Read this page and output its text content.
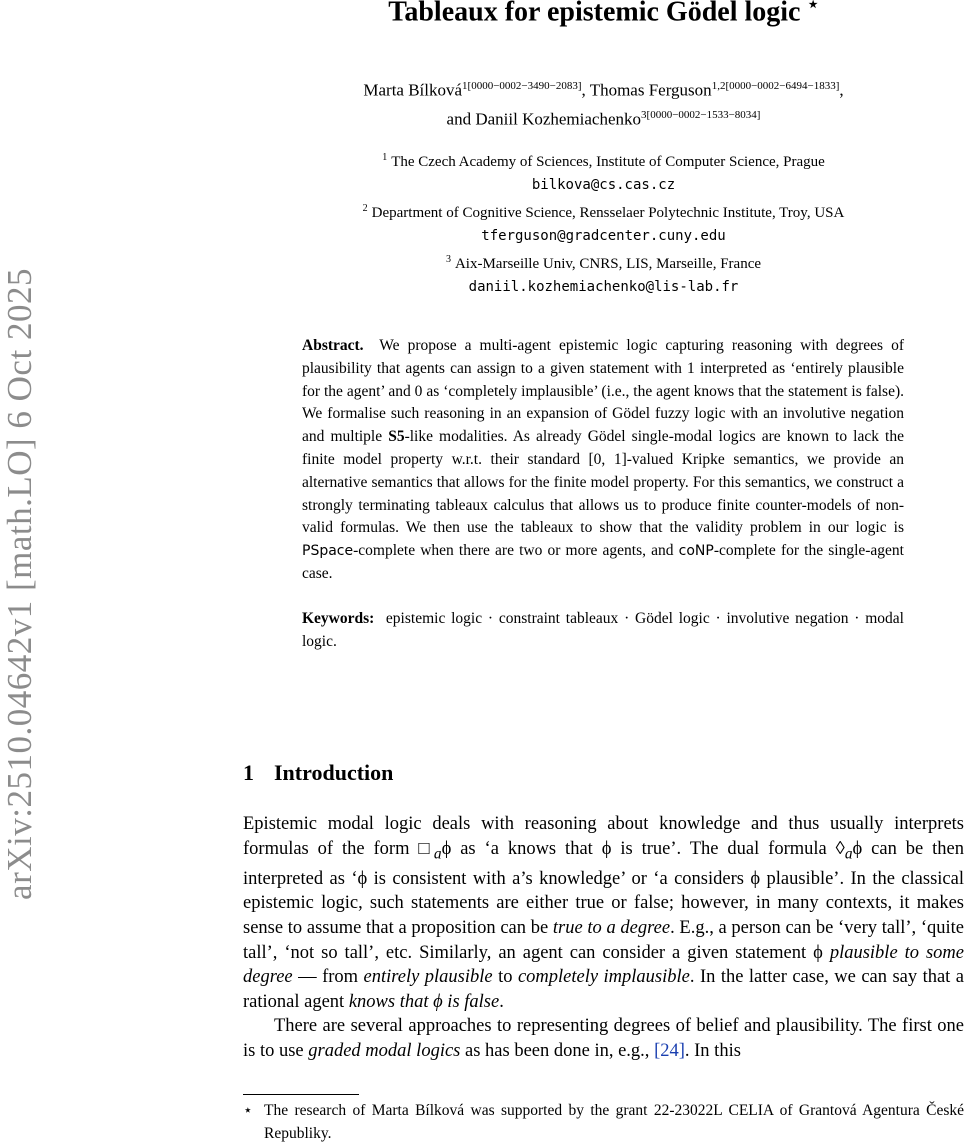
arXiv:2510.04642v1 [math.LO] 6 Oct 2025
Tableaux for epistemic Gödel logic ⋆
Marta Bílková$^{1[0000-0002-3490-2083]}$, Thomas Ferguson$^{1,2[0000-0002-6494-1833]}$,
and Daniil Kozhemiachenko$^{3[0000-0002-1533-8034]}$
$^1$ The Czech Academy of Sciences, Institute of Computer Science, Prague
bilkova@cs.cas.cz
$^2$ Department of Cognitive Science, Rensselaer Polytechnic Institute, Troy, USA
tferguson@gradcenter.cuny.edu
$^3$ Aix-Marseille Univ, CNRS, LIS, Marseille, France
daniil.kozhemiachenko@lis-lab.fr
Abstract. We propose a multi-agent epistemic logic capturing reasoning with degrees of plausibility that agents can assign to a given statement with 1 interpreted as ‘entirely plausible for the agent’ and 0 as ‘completely implausible’ (i.e., the agent knows that the statement is false). We formalise such reasoning in an expansion of Gödel fuzzy logic with an involutive negation and multiple S5-like modalities. As already Gödel single-modal logics are known to lack the finite model property w.r.t. their standard [0, 1]-valued Kripke semantics, we provide an alternative semantics that allows for the finite model property. For this semantics, we construct a strongly terminating tableaux calculus that allows us to produce finite counter-models of non-valid formulas. We then use the tableaux to show that the validity problem in our logic is PSpace-complete when there are two or more agents, and coNP-complete for the single-agent case.
Keywords: epistemic logic · constraint tableaux · Gödel logic · involutive negation · modal logic.
1 Introduction

Epistemic modal logic deals with reasoning about knowledge and thus usually interprets formulas of the form $□_a\phi$ as ‘a knows that ϕ is true’. The dual formula $◊_a\phi$ can be then interpreted as ‘ϕ is consistent with a’s knowledge’ or ‘a considers ϕ plausible’. In the classical epistemic logic, such statements are either true or false; however, in many contexts, it makes sense to assume that a proposition can be true to a degree. E.g., a person can be ‘very tall’, ‘quite tall’, ‘not so tall’, etc. Similarly, an agent can consider a given statement ϕ plausible to some degree — from entirely plausible to completely implausible. In the latter case, we can say that a rational agent knows that ϕ is false.

There are several approaches to representing degrees of belief and plausibility. The first one is to use graded modal logics as has been done in, e.g., [24]. In this

⋆ The research of Marta Bílková was supported by the grant 22-23022L CELIA of Grantová Agentura České Republiky.
